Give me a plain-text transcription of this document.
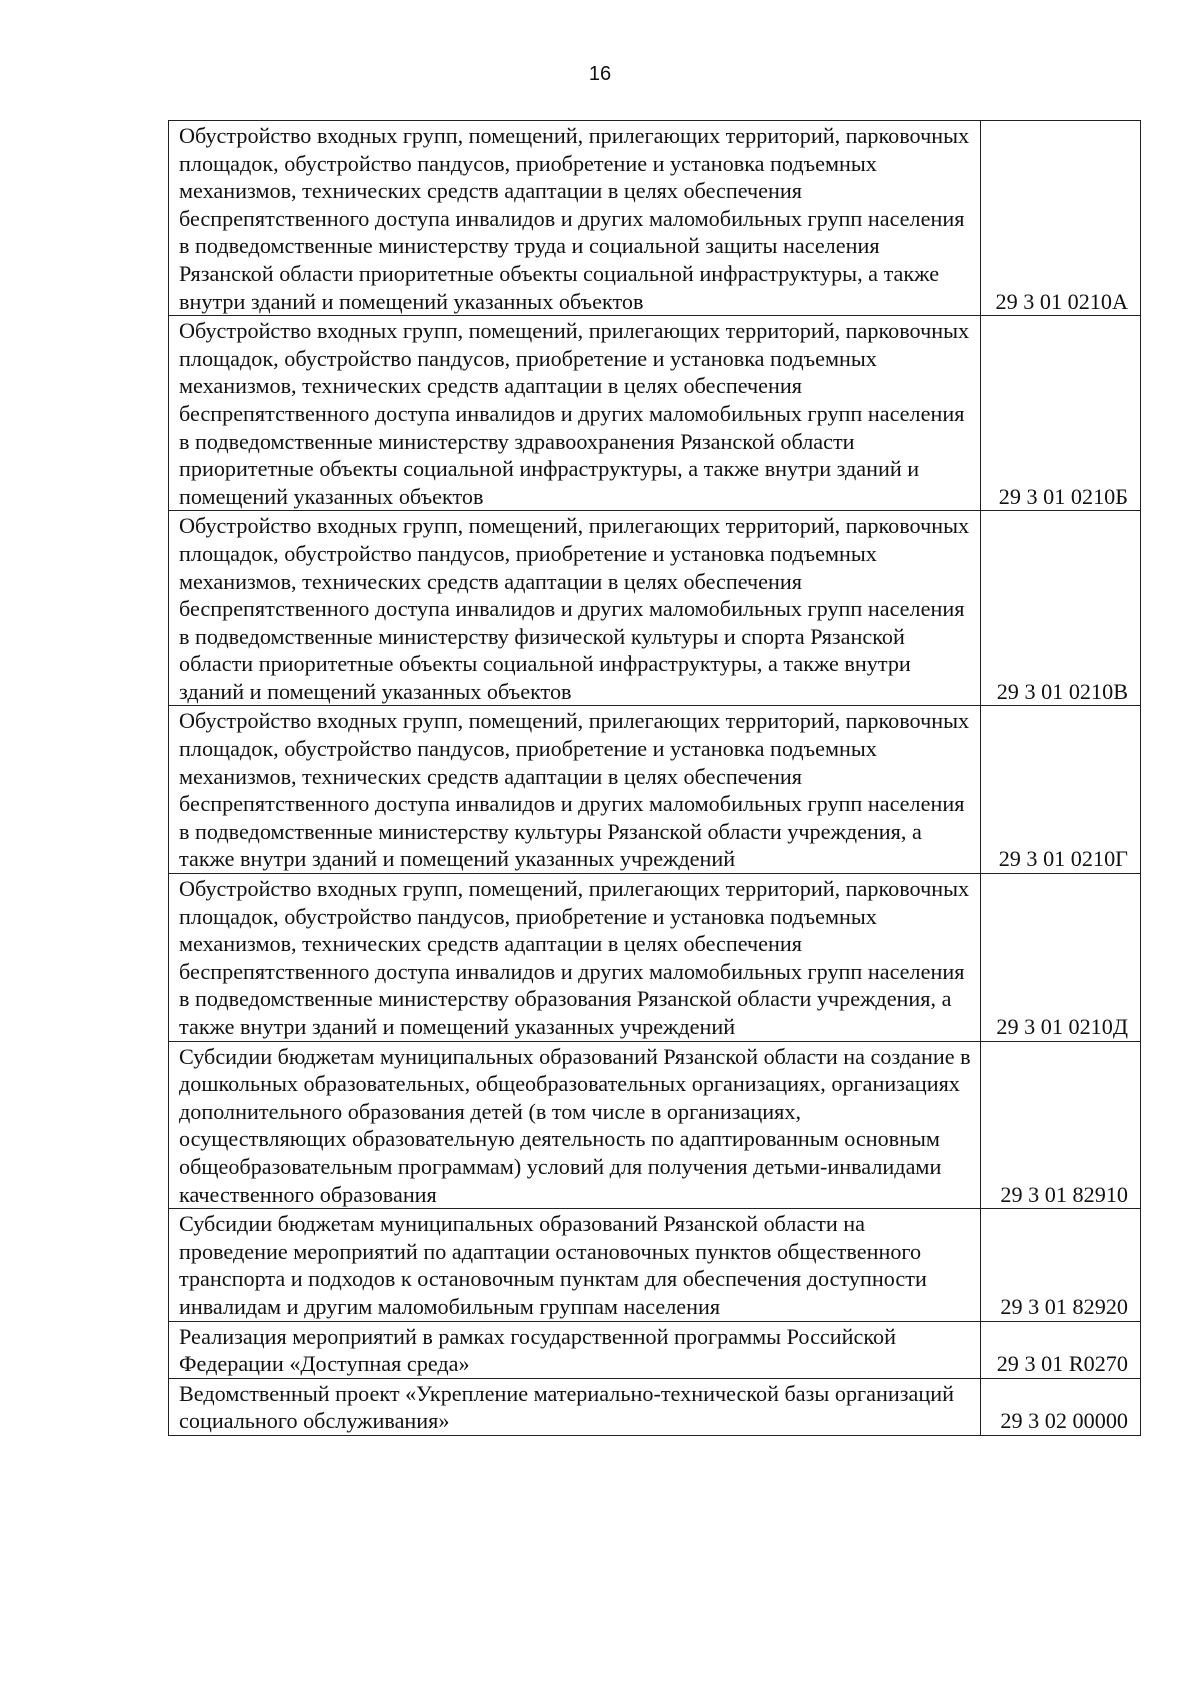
16
Обустройство входных групп, помещений, прилегающих территорий, парковочных площадок, обустройство пандусов, приобретение и установка подъемных механизмов, технических средств адаптации в целях обеспечения беспрепятственного доступа инвалидов и других маломобильных групп населения в подведомственные министерству труда и социальной защиты населения Рязанской области приоритетные объекты социальной инфраструктуры, а также внутри зданий и помещений указанных объектов	29 3 01 0210А
Обустройство входных групп, помещений, прилегающих территорий, парковочных площадок, обустройство пандусов, приобретение и установка подъемных механизмов, технических средств адаптации в целях обеспечения беспрепятственного доступа инвалидов и других маломобильных групп населения в подведомственные министерству здравоохранения Рязанской области приоритетные объекты социальной инфраструктуры, а также внутри зданий и помещений указанных объектов	29 3 01 0210Б
Обустройство входных групп, помещений, прилегающих территорий, парковочных площадок, обустройство пандусов, приобретение и установка подъемных механизмов, технических средств адаптации в целях обеспечения беспрепятственного доступа инвалидов и других маломобильных групп населения в подведомственные министерству физической культуры и спорта Рязанской области приоритетные объекты социальной инфраструктуры, а также внутри зданий и помещений указанных объектов	29 3 01 0210В
Обустройство входных групп, помещений, прилегающих территорий, парковочных площадок, обустройство пандусов, приобретение и установка подъемных механизмов, технических средств адаптации в целях обеспечения беспрепятственного доступа инвалидов и других маломобильных групп населения в подведомственные министерству культуры Рязанской области учреждения, а также внутри зданий и помещений указанных учреждений	29 3 01 0210Г
Обустройство входных групп, помещений, прилегающих территорий, парковочных площадок, обустройство пандусов, приобретение и установка подъемных механизмов, технических средств адаптации в целях обеспечения беспрепятственного доступа инвалидов и других маломобильных групп населения в подведомственные министерству образования Рязанской области учреждения, а также внутри зданий и помещений указанных учреждений	29 3 01 0210Д
Субсидии бюджетам муниципальных образований Рязанской области на создание в дошкольных образовательных, общеобразовательных организациях, организациях дополнительного образования детей (в том числе в организациях, осуществляющих образовательную деятельность по адаптированным основным общеобразовательным программам) условий для получения детьми-инвалидами качественного образования	29 3 01 82910
Субсидии бюджетам муниципальных образований Рязанской области на проведение мероприятий по адаптации остановочных пунктов общественного транспорта и подходов к остановочным пунктам для обеспечения доступности инвалидам и другим маломобильным группам населения	29 3 01 82920
Реализация мероприятий в рамках государственной программы Российской Федерации «Доступная среда»	29 3 01 R0270
Ведомственный проект «Укрепление материально-технической базы организаций социального обслуживания»	29 3 02 00000
